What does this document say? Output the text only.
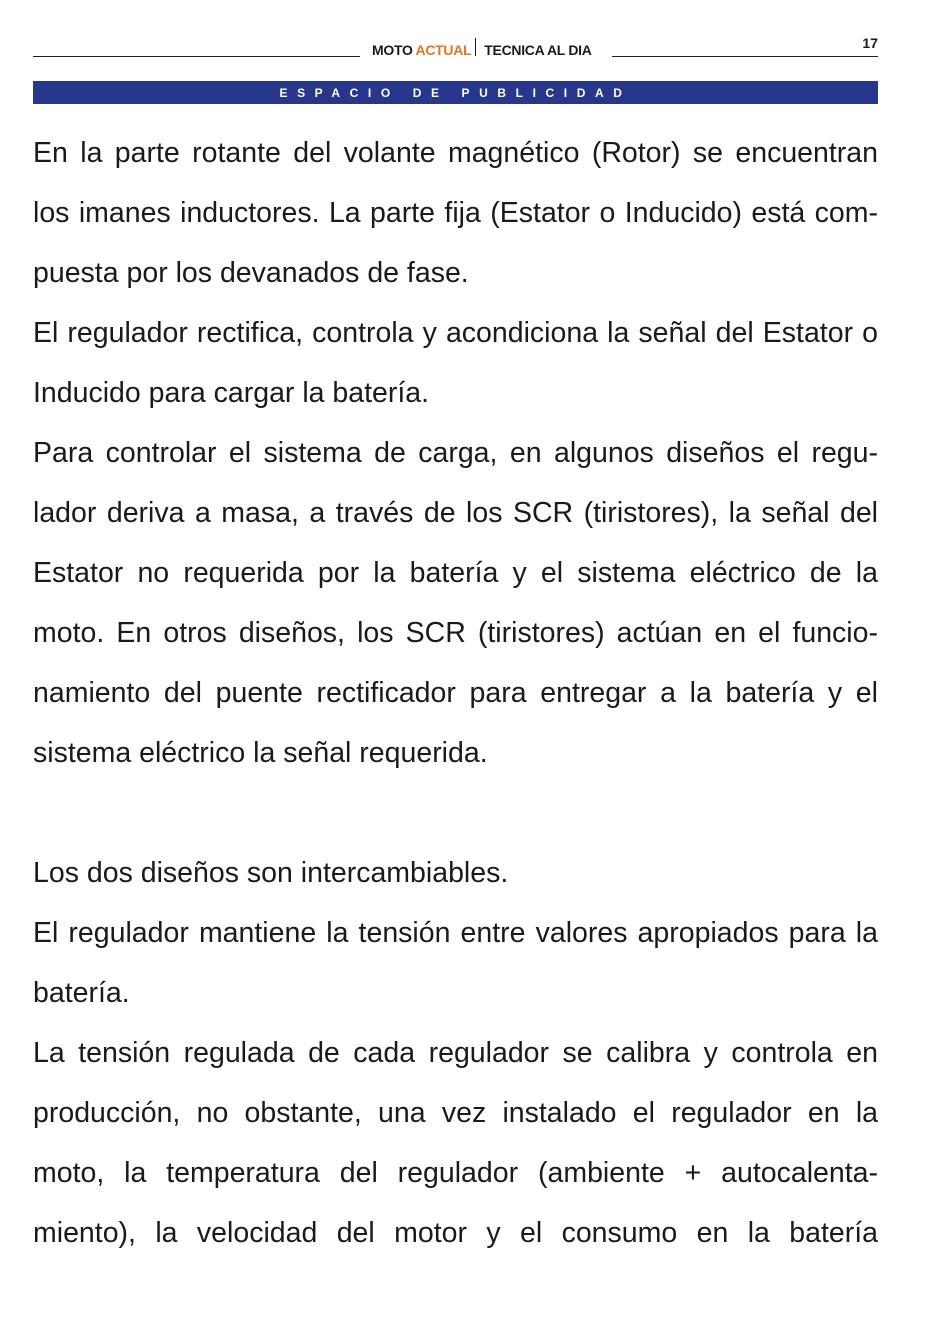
MOTO ACTUAL TECNICA AL DIA	17
ESPACIO DE PUBLICIDAD

En la parte rotante del volante magnético (Rotor) se encuentran los imanes inductores. La parte fija (Estator o Inducido) está compuesta por los devanados de fase.

El regulador rectifica, controla y acondiciona la señal del Estator o Inducido para cargar la batería.

Para controlar el sistema de carga, en algunos diseños el regulador deriva a masa, a través de los SCR (tiristores), la señal del Estator no requerida por la batería y el sistema eléctrico de la moto. En otros diseños, los SCR (tiristores) actúan en el funcionamiento del puente rectificador para entregar a la batería y el sistema eléctrico la señal requerida.

Los dos diseños son intercambiables.

El regulador mantiene la tensión entre valores apropiados para la batería.

La tensión regulada de cada regulador se calibra y controla en producción, no obstante, una vez instalado el regulador en la moto, la temperatura del regulador (ambiente + autocalentamiento), la velocidad del motor y el consumo en la batería
